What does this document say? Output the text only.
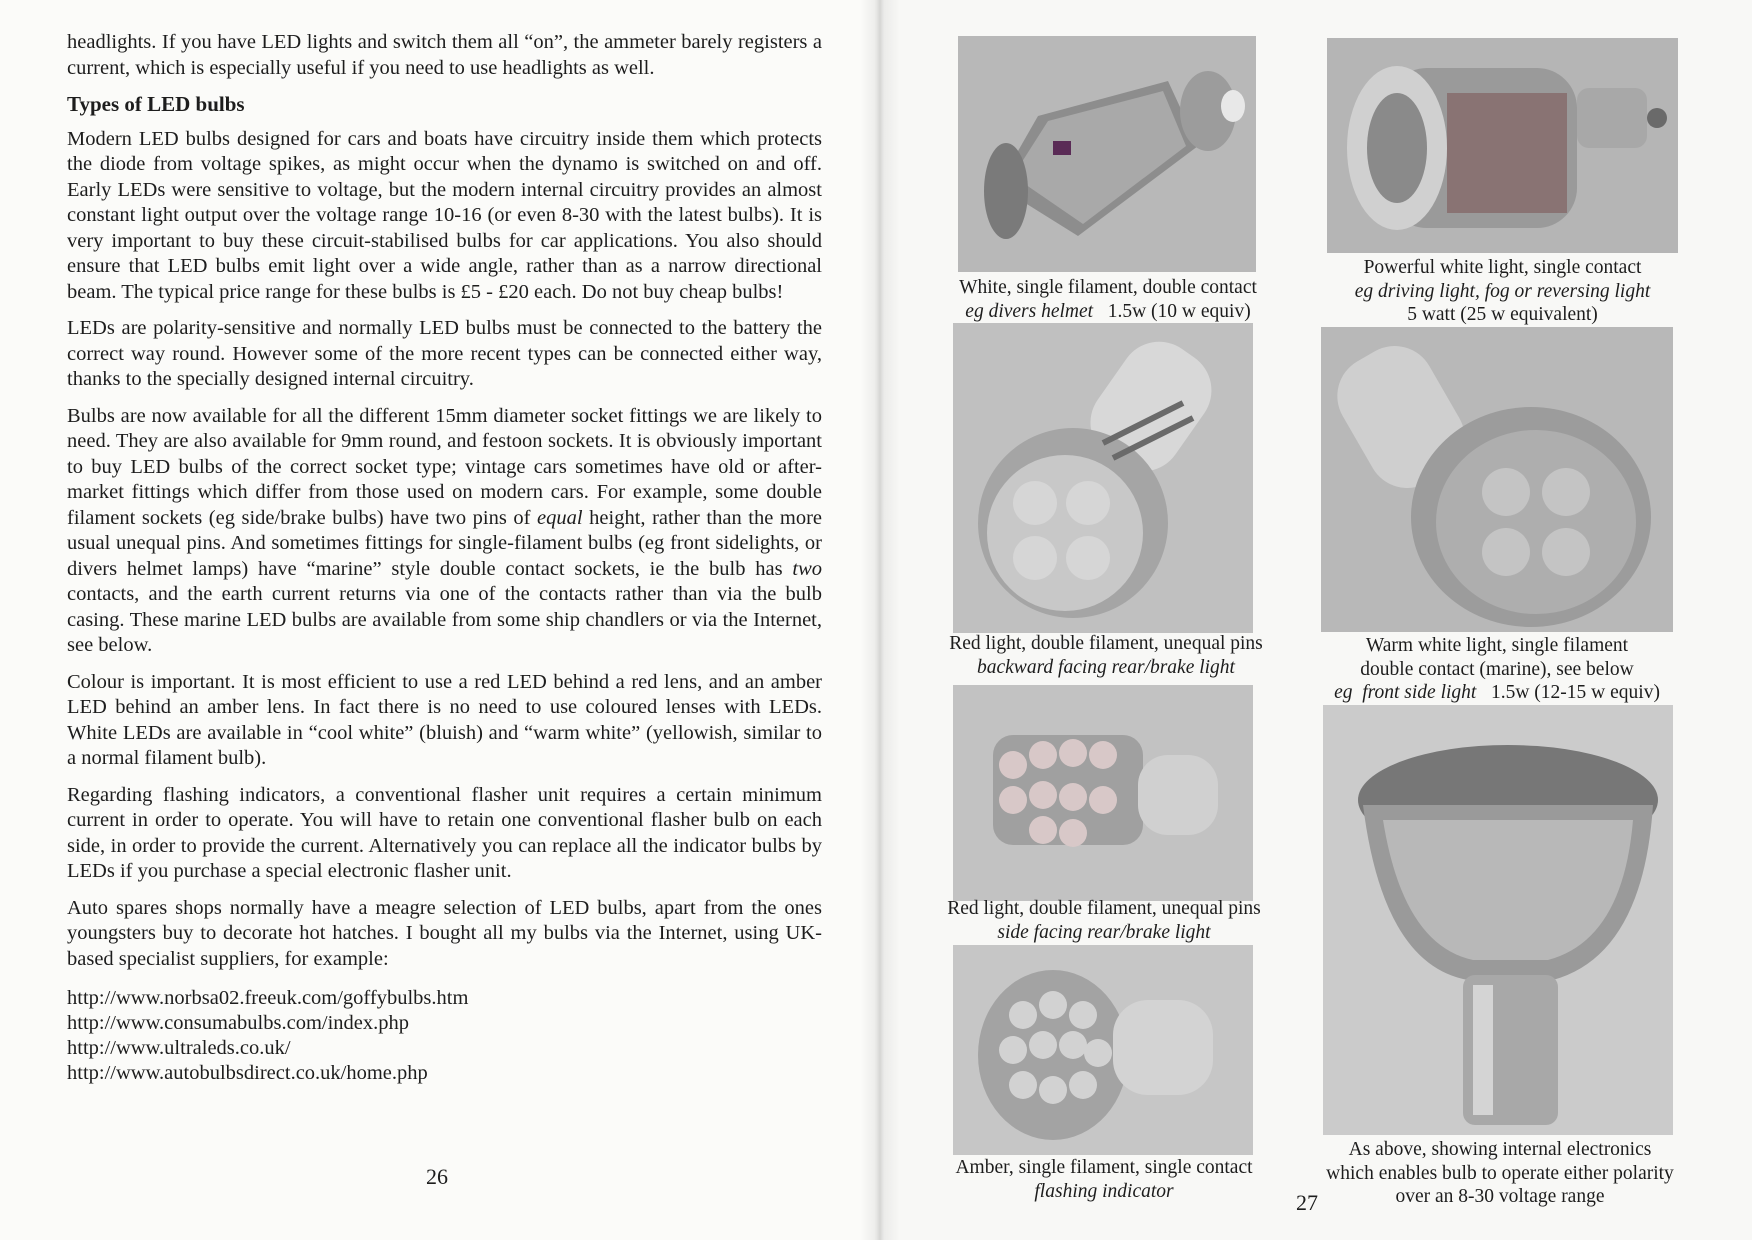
headlights. If you have LED lights and switch them all “on”, the ammeter barely registers a current, which is especially useful if you need to use headlights as well.

Types of LED bulbs

Modern LED bulbs designed for cars and boats have circuitry inside them which protects the diode from voltage spikes, as might occur when the dynamo is switched on and off. Early LEDs were sensitive to voltage, but the modern internal circuitry provides an almost constant light output over the voltage range 10-16 (or even 8-30 with the latest bulbs). It is very important to buy these circuit-stabilised bulbs for car applications. You also should ensure that LED bulbs emit light over a wide angle, rather than as a narrow directional beam. The typical price range for these bulbs is £5 - £20 each. Do not buy cheap bulbs!

LEDs are polarity-sensitive and normally LED bulbs must be connected to the battery the correct way round. However some of the more recent types can be connected either way, thanks to the specially designed internal circuitry.

Bulbs are now available for all the different 15mm diameter socket fittings we are likely to need. They are also available for 9mm round, and festoon sockets. It is obviously important to buy LED bulbs of the correct socket type; vintage cars sometimes have old or after-market fittings which differ from those used on modern cars. For example, some double filament sockets (eg side/brake bulbs) have two pins of equal height, rather than the more usual unequal pins. And sometimes fittings for single-filament bulbs (eg front sidelights, or divers helmet lamps) have “marine” style double contact sockets, ie the bulb has two contacts, and the earth current returns via one of the contacts rather than via the bulb casing. These marine LED bulbs are available from some ship chandlers or via the Internet, see below.

Colour is important. It is most efficient to use a red LED behind a red lens, and an amber LED behind an amber lens. In fact there is no need to use coloured lenses with LEDs. White LEDs are available in “cool white” (bluish) and “warm white” (yellowish, similar to a normal filament bulb).

Regarding flashing indicators, a conventional flasher unit requires a certain minimum current in order to operate. You will have to retain one conventional flasher bulb on each side, in order to provide the current. Alternatively you can replace all the indicator bulbs by LEDs if you purchase a special electronic flasher unit.

Auto spares shops normally have a meagre selection of LED bulbs, apart from the ones youngsters buy to decorate hot hatches. I bought all my bulbs via the Internet, using UK-based specialist suppliers, for example:

http://www.norbsa02.freeuk.com/goffybulbs.htm
http://www.consumabulbs.com/index.php
http://www.ultraleds.co.uk/
http://www.autobulbsdirect.co.uk/home.php
26
White, single filament, double contact
eg divers helmet   1.5w (10 w equiv)
Powerful white light, single contact
eg driving light, fog or reversing light
5 watt (25 w equivalent)
Red light, double filament, unequal pins
backward facing rear/brake light
Warm white light, single filament
double contact (marine), see below
eg  front side light   1.5w (12-15 w equiv)
Red light, double filament, unequal pins
side facing rear/brake light
As above, showing internal electronics
which enables bulb to operate either polarity
over an 8-30 voltage range
Amber, single filament, single contact
flashing indicator	27
